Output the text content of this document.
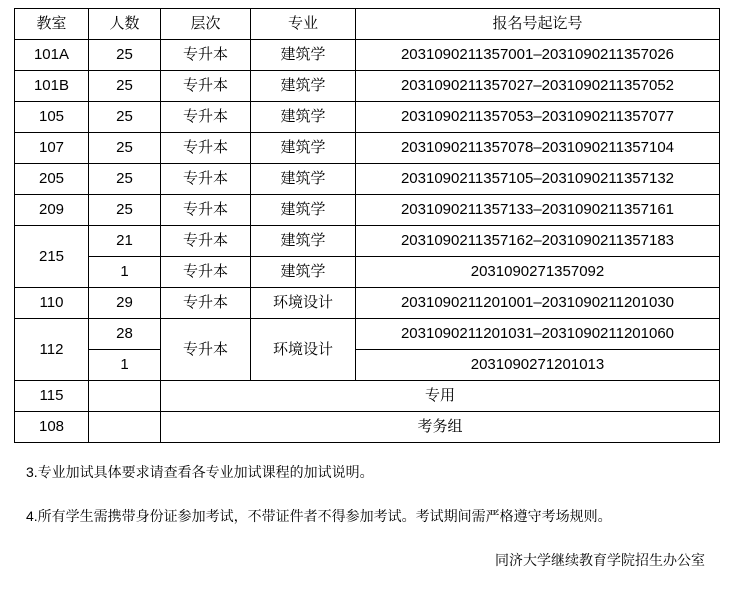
教室	人数	层次	专业	报名号起讫号
101A	25	专升本	建筑学	2031090211357001–2031090211357026
101B	25	专升本	建筑学	2031090211357027–2031090211357052
105	25	专升本	建筑学	2031090211357053–2031090211357077
107	25	专升本	建筑学	2031090211357078–2031090211357104
205	25	专升本	建筑学	2031090211357105–2031090211357132
209	25	专升本	建筑学	2031090211357133–2031090211357161
215	21	专升本	建筑学	2031090211357162–2031090211357183
	1	专升本	建筑学	2031090271357092
110	29	专升本	环境设计	2031090211201001–2031090211201030
112	28	专升本	环境设计	2031090211201031–2031090211201060
	1			2031090271201013
115		专用		
108		考务组		
3.专业加试具体要求请查看各专业加试课程的加试说明。
4.所有学生需携带身份证参加考试，不带证件者不得参加考试。考试期间需严格遵守考场规则。
同济大学继续教育学院招生办公室
